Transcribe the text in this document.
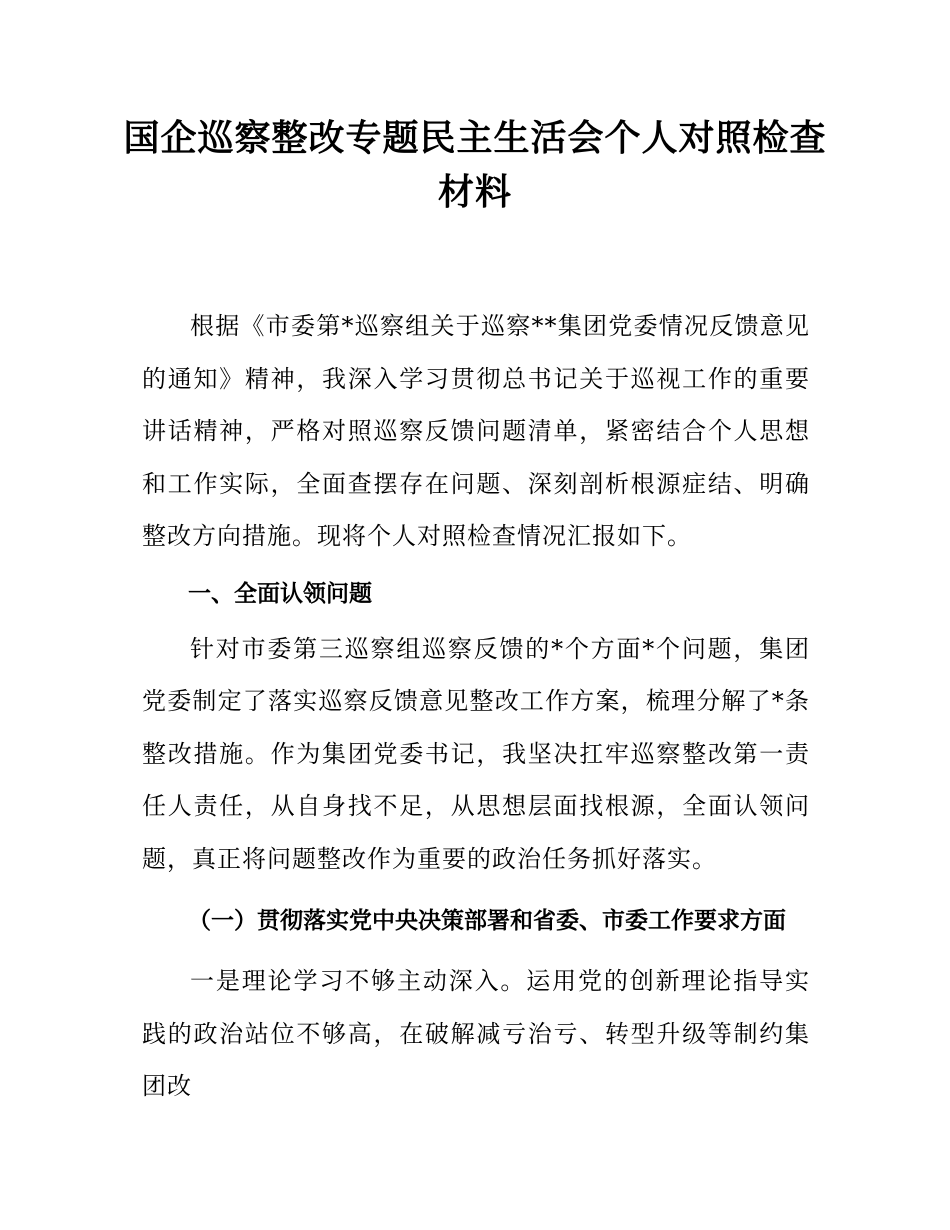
国企巡察整改专题民主生活会个人对照检查材料

根据《市委第*巡察组关于巡察**集团党委情况反馈意见的通知》精神，我深入学习贯彻总书记关于巡视工作的重要讲话精神，严格对照巡察反馈问题清单，紧密结合个人思想和工作实际，全面查摆存在问题、深刻剖析根源症结、明确整改方向措施。现将个人对照检查情况汇报如下。

一、全面认领问题

针对市委第三巡察组巡察反馈的*个方面*个问题，集团党委制定了落实巡察反馈意见整改工作方案，梳理分解了*条整改措施。作为集团党委书记，我坚决扛牢巡察整改第一责任人责任，从自身找不足，从思想层面找根源，全面认领问题，真正将问题整改作为重要的政治任务抓好落实。

（一）贯彻落实党中央决策部署和省委、市委工作要求方面

一是理论学习不够主动深入。运用党的创新理论指导实践的政治站位不够高，在破解减亏治亏、转型升级等制约集团改
